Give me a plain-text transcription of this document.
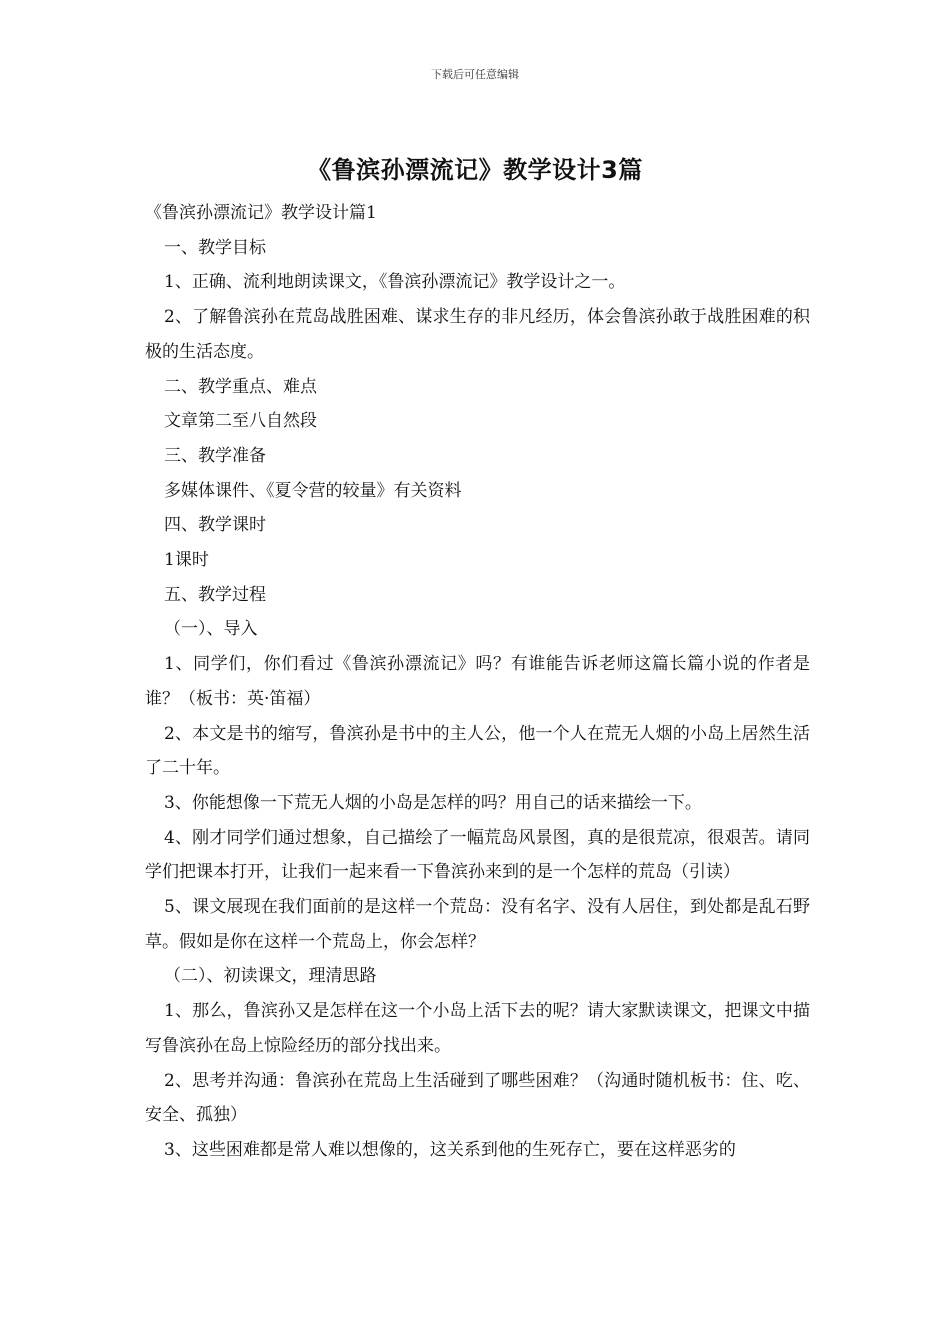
下载后可任意编辑
《鲁滨孙漂流记》教学设计3篇

《鲁滨孙漂流记》教学设计篇1

一、教学目标

1、正确、流利地朗读课文，《鲁滨孙漂流记》教学设计之一。

2、了解鲁滨孙在荒岛战胜困难、谋求生存的非凡经历，体会鲁滨孙敢于战胜困难的积极的生活态度。

二、教学重点、难点

文章第二至八自然段

三、教学准备

多媒体课件、《夏令营的较量》有关资料

四、教学课时

1课时

五、教学过程

（一）、导入

1、同学们，你们看过《鲁滨孙漂流记》吗？有谁能告诉老师这篇长篇小说的作者是谁？（板书：英·笛福）

2、本文是书的缩写，鲁滨孙是书中的主人公，他一个人在荒无人烟的小岛上居然生活了二十年。

3、你能想像一下荒无人烟的小岛是怎样的吗？用自己的话来描绘一下。

4、刚才同学们通过想象，自己描绘了一幅荒岛风景图，真的是很荒凉，很艰苦。请同学们把课本打开，让我们一起来看一下鲁滨孙来到的是一个怎样的荒岛（引读）

5、课文展现在我们面前的是这样一个荒岛：没有名字、没有人居住，到处都是乱石野草。假如是你在这样一个荒岛上，你会怎样？

（二）、初读课文，理清思路

1、那么，鲁滨孙又是怎样在这一个小岛上活下去的呢？请大家默读课文，把课文中描写鲁滨孙在岛上惊险经历的部分找出来。

2、思考并沟通：鲁滨孙在荒岛上生活碰到了哪些困难？（沟通时随机板书：住、吃、安全、孤独）

3、这些困难都是常人难以想像的，这关系到他的生死存亡，要在这样恶劣的
